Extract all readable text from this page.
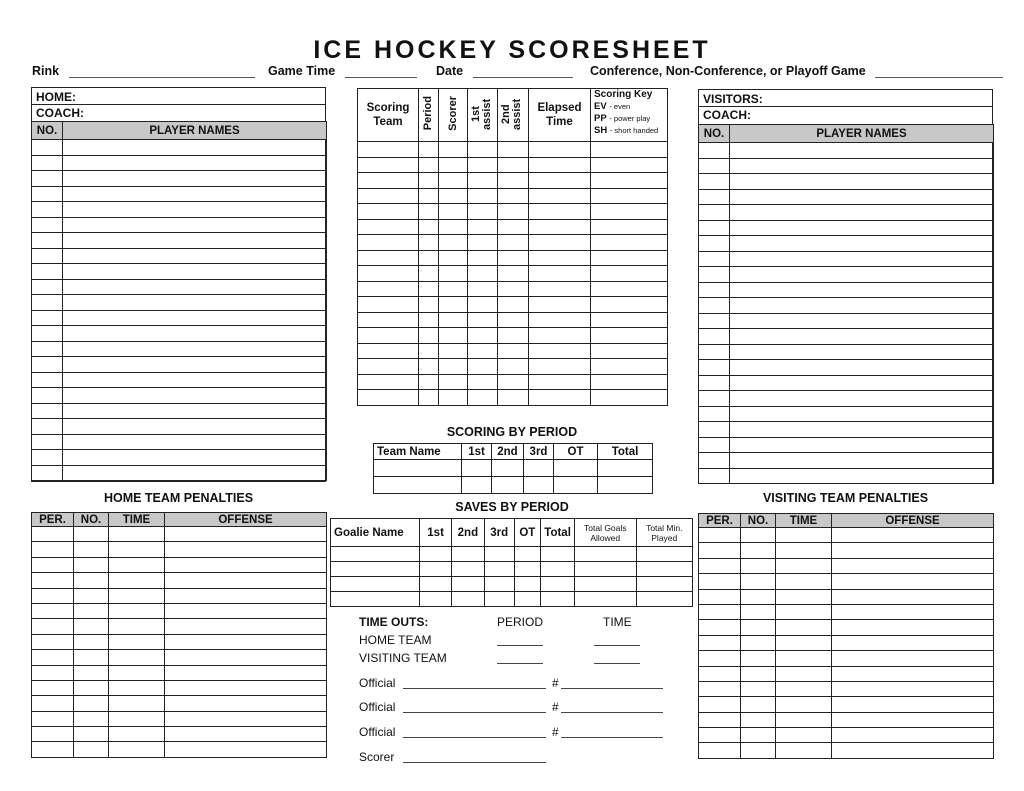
ICE HOCKEY SCORESHEET
Rink	Game Time	Date	Conference, Non-Conference, or Playoff Game
HOME:
COACH:
NO.	PLAYER NAMES

VISITORS:
COACH:
NO.	PLAYER NAMES

Scoring Team	Period	Scorer	1st assist	2nd assist	Elapsed Time	Scoring Key
EV - even
PP - power play
SH - short handed

SCORING BY PERIOD
Team Name	1st	2nd	3rd	OT	Total

SAVES BY PERIOD
Goalie Name	1st	2nd	3rd	OT	Total	Total Goals Allowed	Total Min. Played

HOME TEAM PENALTIES
PER.	NO.	TIME	OFFENSE

VISITING TEAM PENALTIES
PER.	NO.	TIME	OFFENSE

TIME OUTS:	PERIOD	TIME
HOME TEAM
VISITING TEAM
Official	#
Official	#
Official	#
Scorer
